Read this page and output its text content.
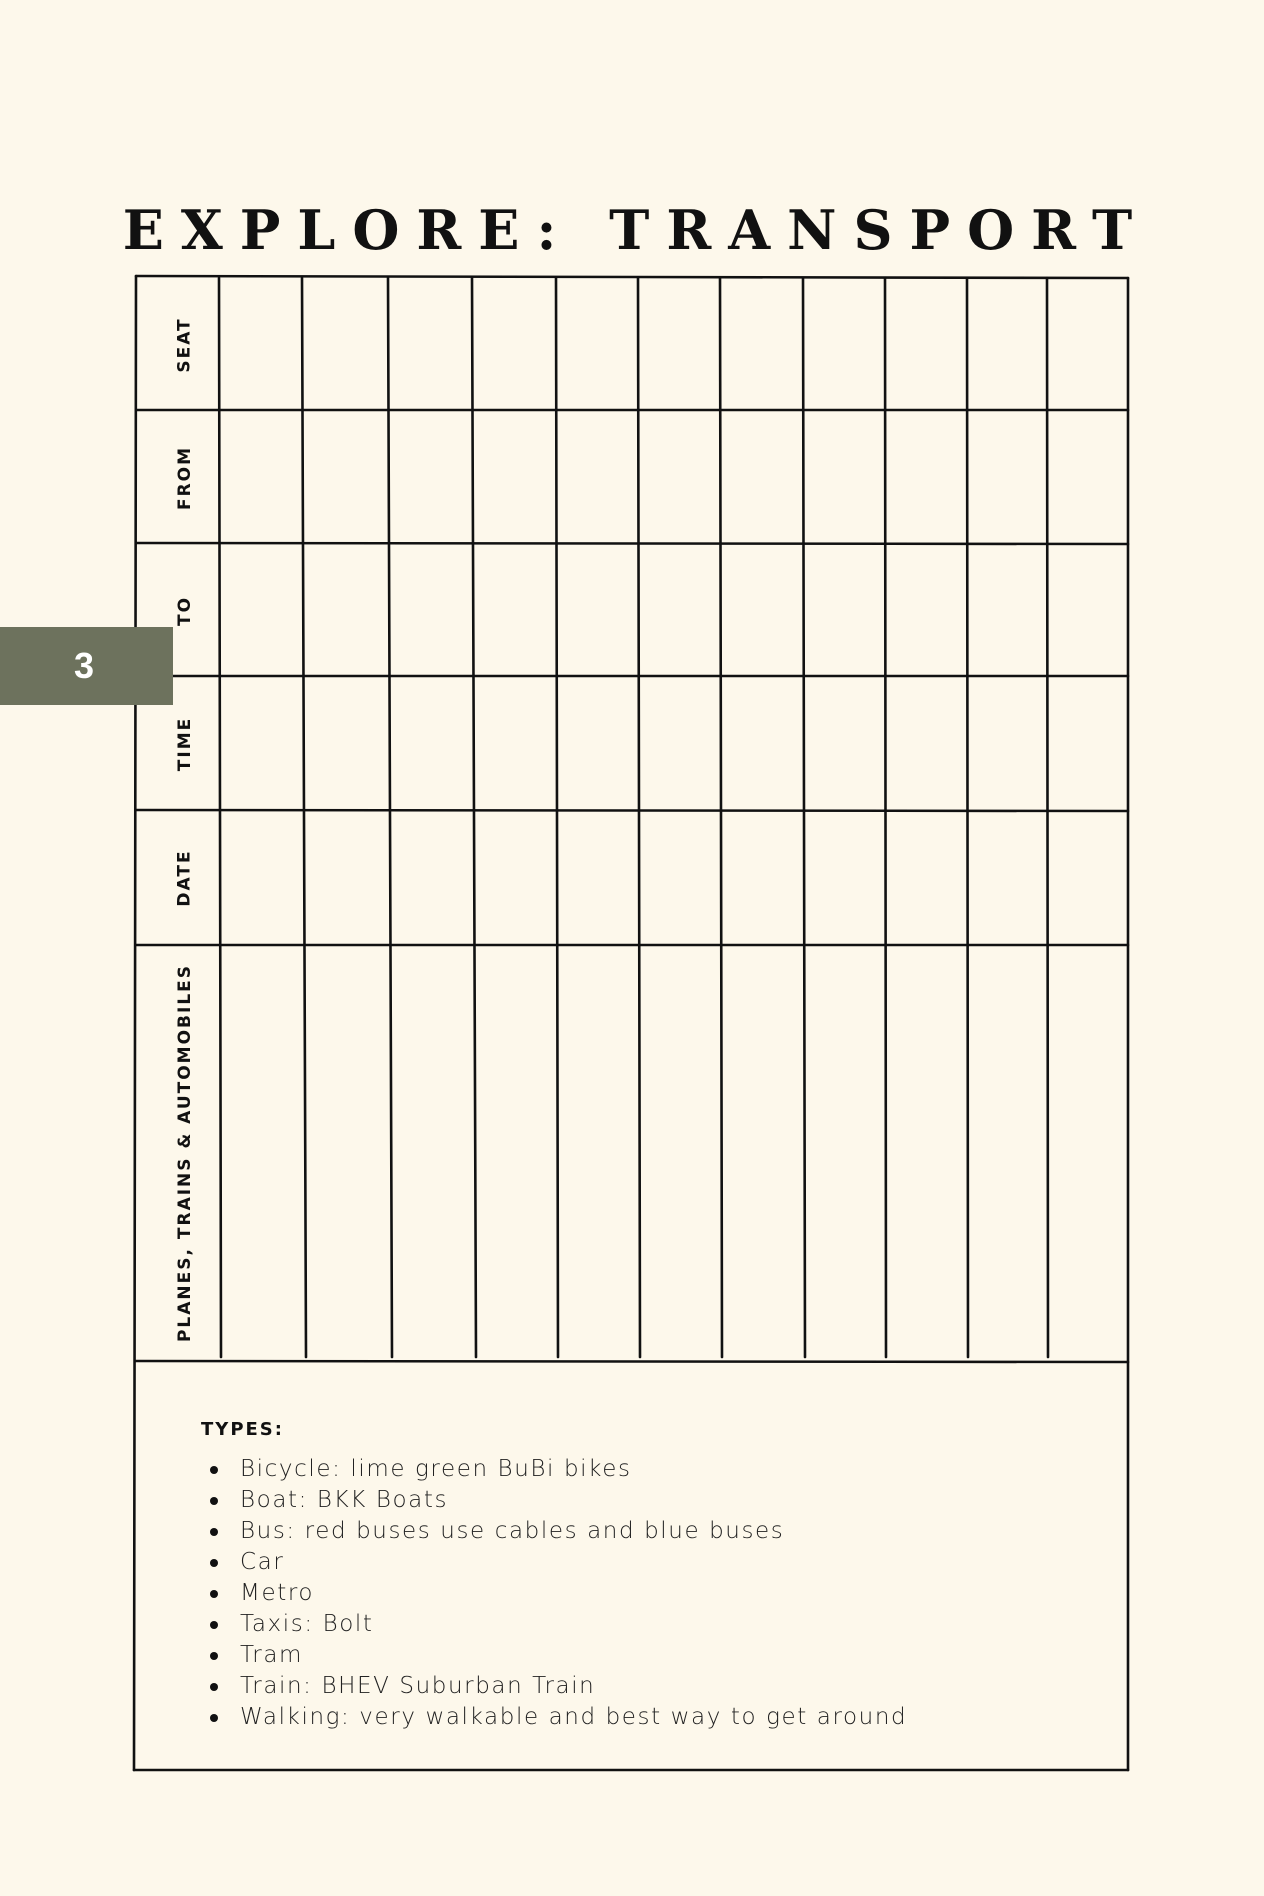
EXPLORE: TRANSPORT
SEAT
FROM
TO
TIME
DATE
PLANES, TRAINS & AUTOMOBILES
3
TYPES:
Bicycle: lime green BuBi bikes
Boat: BKK Boats
Bus: red buses use cables and blue buses
Car
Metro
Taxis: Bolt
Tram
Train: BHEV Suburban Train
Walking: very walkable and best way to get around
